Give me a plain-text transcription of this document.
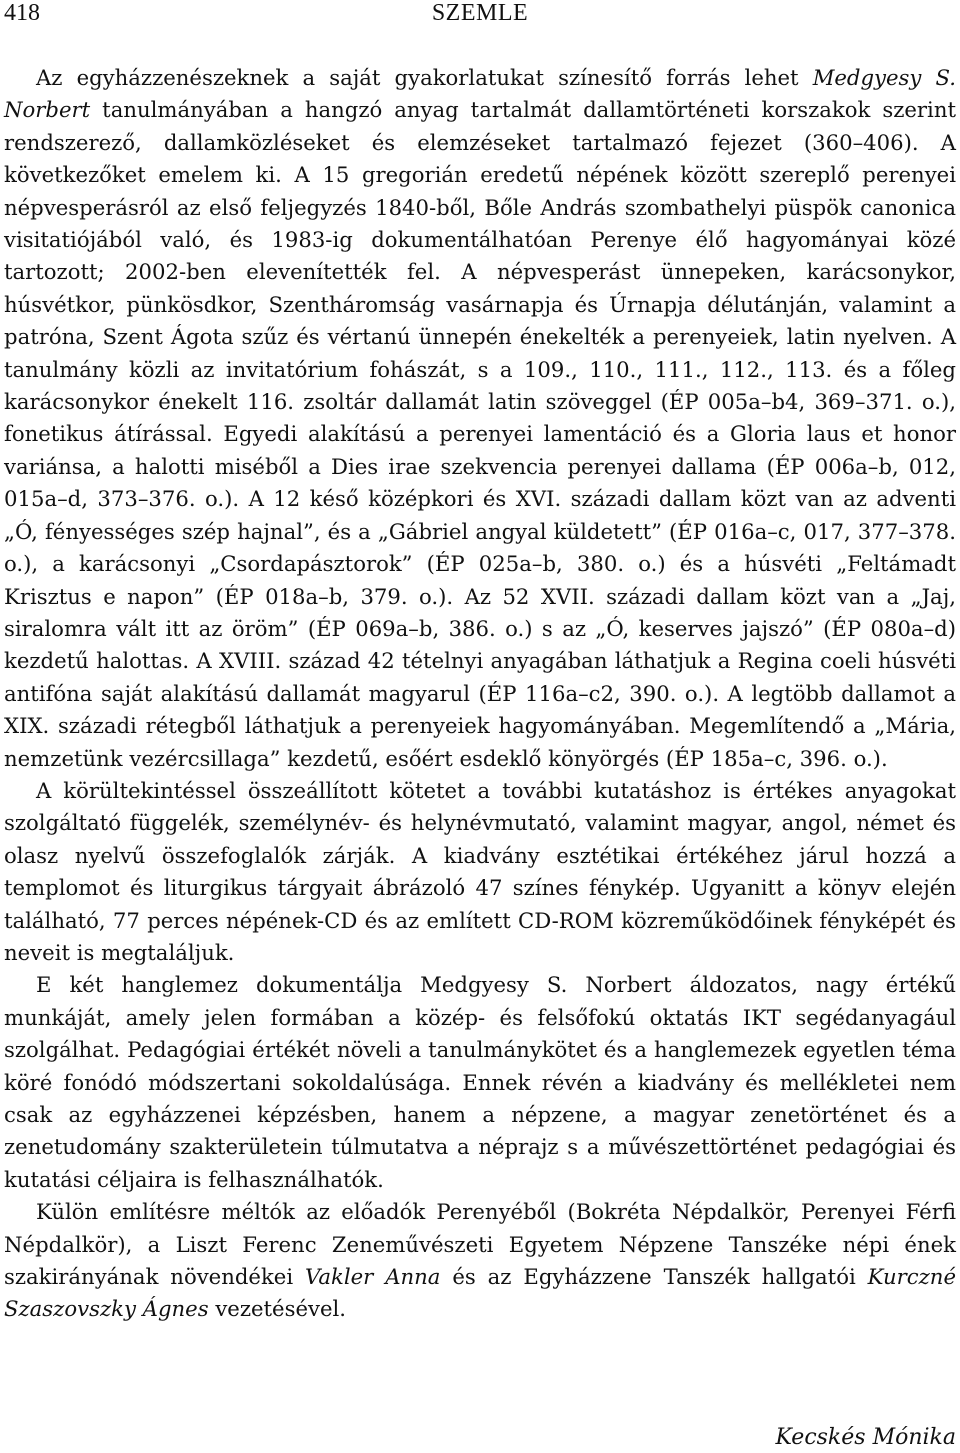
418	SZEMLE

Az egyházzenészeknek a saját gyakorlatukat színesítő forrás lehet Medgyesy S. Norbert tanulmányában a hangzó anyag tartalmát dallamtörténeti korszakok szerint rendszerező, dallamközléseket és elemzéseket tartalmazó fejezet (360–406). A következőket emelem ki. A 15 gregorián eredetű népének között szereplő perenyei népvesperásról az első feljegyzés 1840-ből, Bőle András szombathelyi püspök canonica visitatiójából való, és 1983-ig dokumentálhatóan Perenye élő hagyományai közé tartozott; 2002-ben elevenítették fel. A népvesperást ünnepeken, karácsonykor, húsvétkor, pünkösdkor, Szentháromság vasárnapja és Úrnapja délutánján, valamint a patróna, Szent Ágota szűz és vértanú ünnepén énekelték a perenyeiek, latin nyelven. A tanulmány közli az invitatórium fohászát, s a 109., 110., 111., 112., 113. és a főleg karácsonykor énekelt 116. zsoltár dallamát latin szöveggel (ÉP 005a–b4, 369–371. o.), fonetikus átírással. Egyedi alakítású a perenyei lamentáció és a Gloria laus et honor variánsa, a halotti miséből a Dies irae szekvencia perenyei dallama (ÉP 006a–b, 012, 015a–d, 373–376. o.). A 12 késő középkori és XVI. századi dallam közt van az adventi „Ó, fényességes szép hajnal”, és a „Gábriel angyal küldetett” (ÉP 016a–c, 017, 377–378. o.), a karácsonyi „Csordapásztorok” (ÉP 025a–b, 380. o.) és a húsvéti „Feltámadt Krisztus e napon” (ÉP 018a–b, 379. o.). Az 52 XVII. századi dallam közt van a „Jaj, siralomra vált itt az öröm” (ÉP 069a–b, 386. o.) s az „Ó, keserves jajszó” (ÉP 080a–d) kezdetű halottas. A XVIII. század 42 tételnyi anyagában láthatjuk a Regina coeli húsvéti antifóna saját alakítású dallamát magyarul (ÉP 116a–c2, 390. o.). A legtöbb dallamot a XIX. századi rétegből láthatjuk a perenyeiek hagyományában. Megemlítendő a „Mária, nemzetünk vezércsillaga” kezdetű, esőért esdeklő könyörgés (ÉP 185a–c, 396. o.).

A körültekintéssel összeállított kötetet a további kutatáshoz is értékes anyagokat szolgáltató függelék, személynév- és helynévmutató, valamint magyar, angol, német és olasz nyelvű összefoglalók zárják. A kiadvány esztétikai értékéhez járul hozzá a templomot és liturgikus tárgyait ábrázoló 47 színes fénykép. Ugyanitt a könyv elején található, 77 perces népének-CD és az említett CD-ROM közreműködőinek fényképét és neveit is megtaláljuk.

E két hanglemez dokumentálja Medgyesy S. Norbert áldozatos, nagy értékű munkáját, amely jelen formában a közép- és felsőfokú oktatás IKT segédanyagául szolgálhat. Pedagógiai értékét növeli a tanulmánykötet és a hanglemezek egyetlen téma köré fonódó módszertani sokoldalúsága. Ennek révén a kiadvány és mellékletei nem csak az egyházzenei képzésben, hanem a népzene, a magyar zenetörténet és a zenetudomány szakterületein túlmutatva a néprajz s a művészettörténet pedagógiai és kutatási céljaira is felhasználhatók.

Külön említésre méltók az előadók Perenyéből (Bokréta Népdalkör, Perenyei Férfi Népdalkör), a Liszt Ferenc Zeneművészeti Egyetem Népzene Tanszéke népi ének szakirányának növendékei Vakler Anna és az Egyházzene Tanszék hallgatói Kurczné Szaszovszky Ágnes vezetésével.

Kecskés Mónika
